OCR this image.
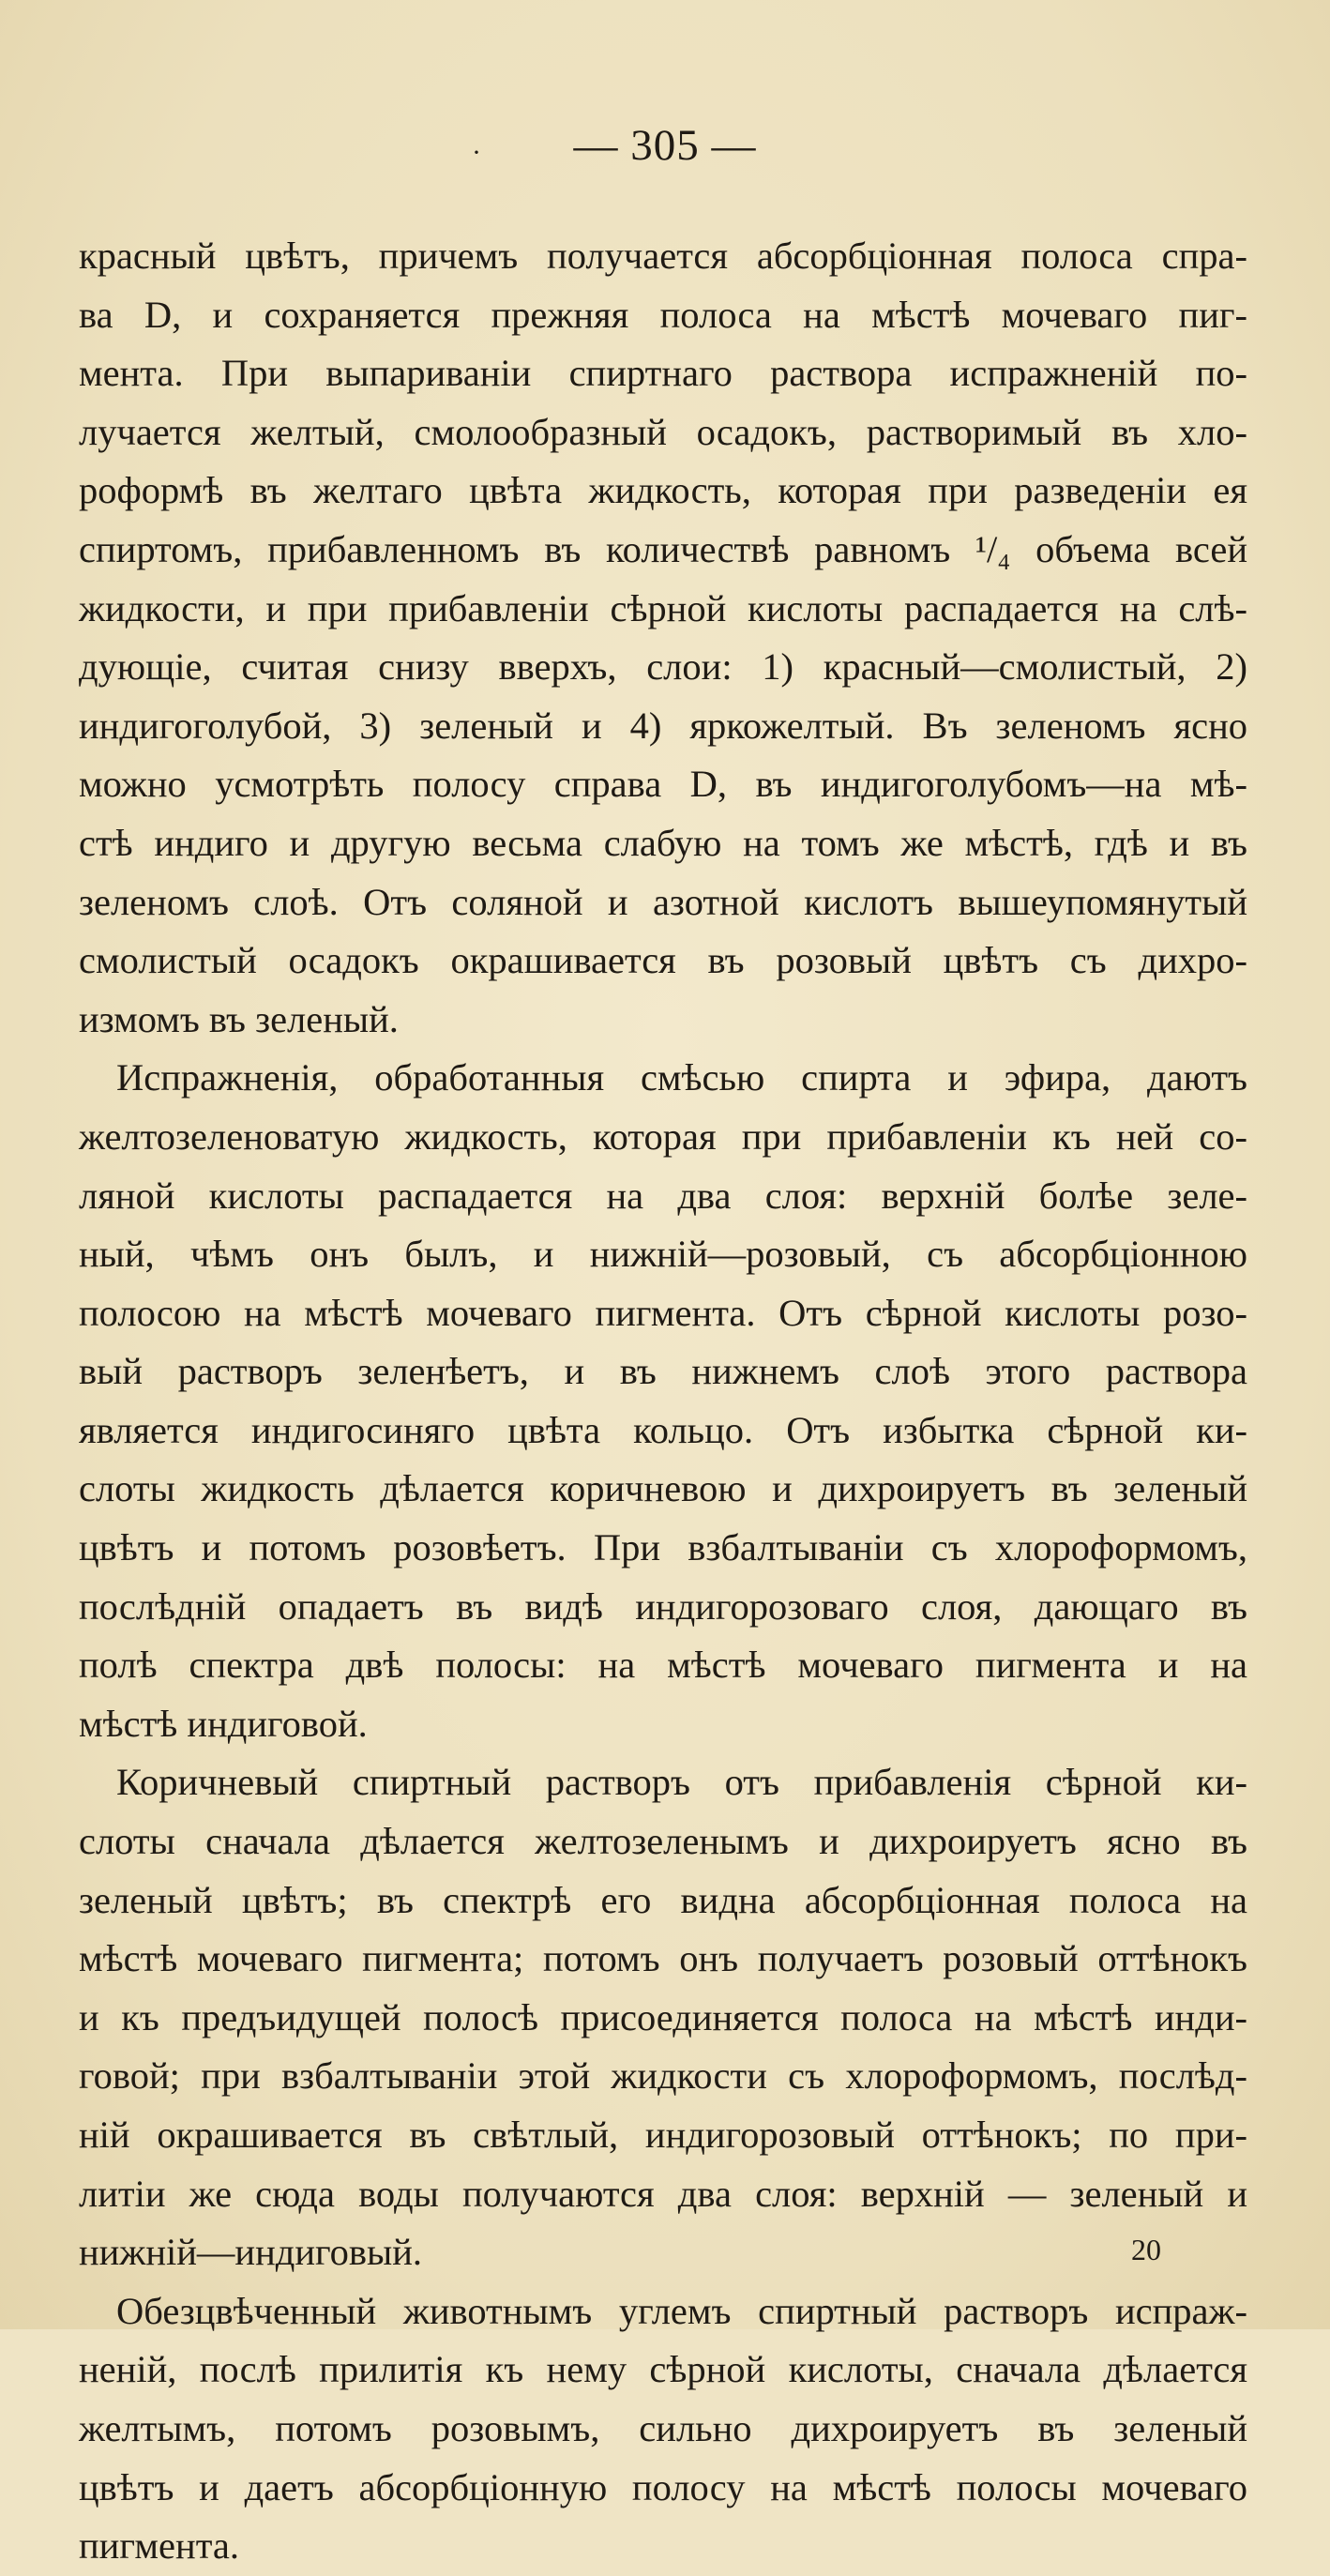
· — 305 —
красный цвѣтъ, причемъ получается абсорбціонная полоса спра-
ва D, и сохраняется прежняя полоса на мѣстѣ мочеваго пиг-
мента. При выпариваніи спиртнаго раствора испражненій по-
лучается желтый, смолообразный осадокъ, растворимый въ хло-
роформѣ въ желтаго цвѣта жидкость, которая при разведеніи ея
спиртомъ, прибавленномъ въ количествѣ равномъ ¹/₄ объема всей
жидкости, и при прибавленіи сѣрной кислоты распадается на слѣ-
дующіе, считая снизу вверхъ, слои: 1) красный—смолистый, 2)
индигоголубой, 3) зеленый и 4) яркожелтый. Въ зеленомъ ясно
можно усмотрѣть полосу справа D, въ индигоголубомъ—на мѣ-
стѣ индиго и другую весьма слабую на томъ же мѣстѣ, гдѣ и въ
зеленомъ слоѣ. Отъ соляной и азотной кислотъ вышеупомянутый
смолистый осадокъ окрашивается въ розовый цвѣтъ съ дихро-
измомъ въ зеленый.
Испражненія, обработанныя смѣсью спирта и эфира, даютъ
желтозеленоватую жидкость, которая при прибавленіи къ ней со-
ляной кислоты распадается на два слоя: верхній болѣе зеле-
ный, чѣмъ онъ былъ, и нижній—розовый, съ абсорбціонною
полосою на мѣстѣ мочеваго пигмента. Отъ сѣрной кислоты розо-
вый растворъ зеленѣетъ, и въ нижнемъ слоѣ этого раствора
является индигосиняго цвѣта кольцо. Отъ избытка сѣрной ки-
слоты жидкость дѣлается коричневою и дихроируетъ въ зеленый
цвѣтъ и потомъ розовѣетъ. При взбалтываніи съ хлороформомъ,
послѣдній опадаетъ въ видѣ индигорозоваго слоя, дающаго въ
полѣ спектра двѣ полосы: на мѣстѣ мочеваго пигмента и на
мѣстѣ индиговой.
Коричневый спиртный растворъ отъ прибавленія сѣрной ки-
слоты сначала дѣлается желтозеленымъ и дихроируетъ ясно въ
зеленый цвѣтъ; въ спектрѣ его видна абсорбціонная полоса на
мѣстѣ мочеваго пигмента; потомъ онъ получаетъ розовый оттѣнокъ
и къ предъидущей полосѣ присоединяется полоса на мѣстѣ инди-
говой; при взбалтываніи этой жидкости съ хлороформомъ, послѣд-
ній окрашивается въ свѣтлый, индигорозовый оттѣнокъ; по при-
литіи же сюда воды получаются два слоя: верхній — зеленый и
нижній—индиговый.
Обезцвѣченный животнымъ углемъ спиртный растворъ испраж-
неній, послѣ прилитія къ нему сѣрной кислоты, сначала дѣлается
желтымъ, потомъ розовымъ, сильно дихроируетъ въ зеленый
цвѣтъ и даетъ абсорбціонную полосу на мѣстѣ полосы мочеваго
пигмента.
20
